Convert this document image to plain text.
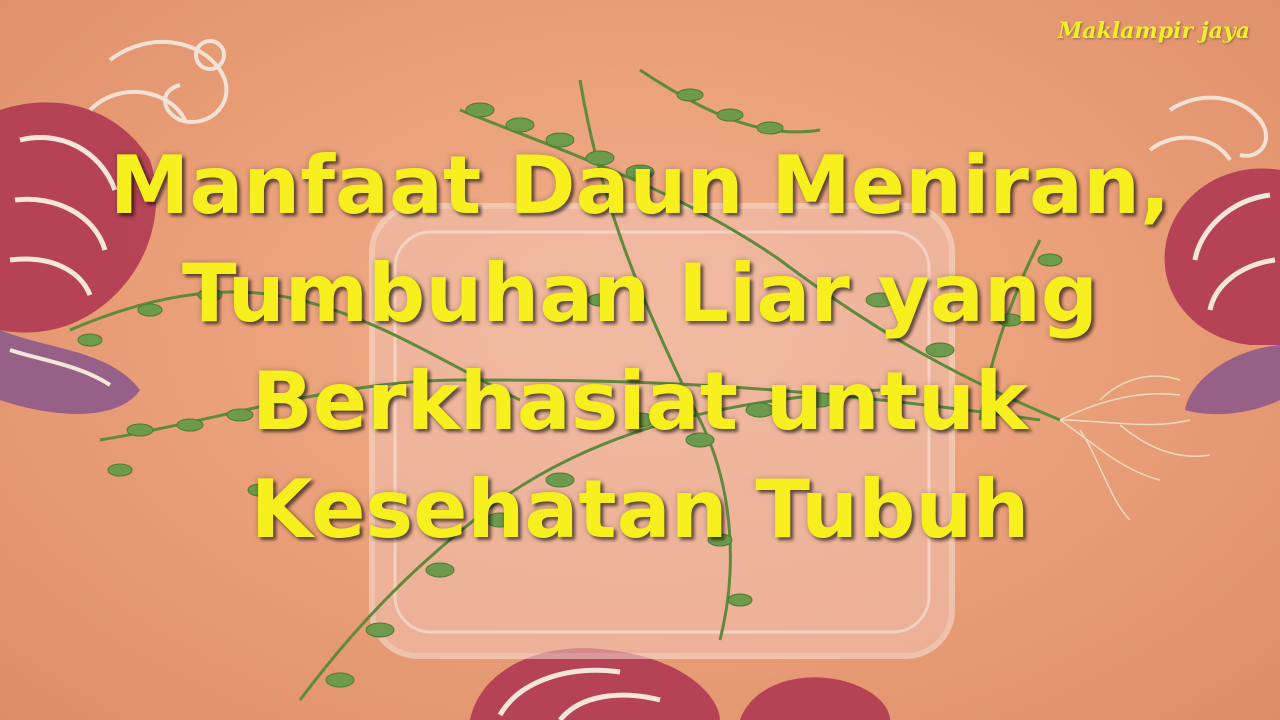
Maklampir jaya
Manfaat Daun Meniran,
Tumbuhan Liar yang
Berkhasiat untuk
Kesehatan Tubuh
